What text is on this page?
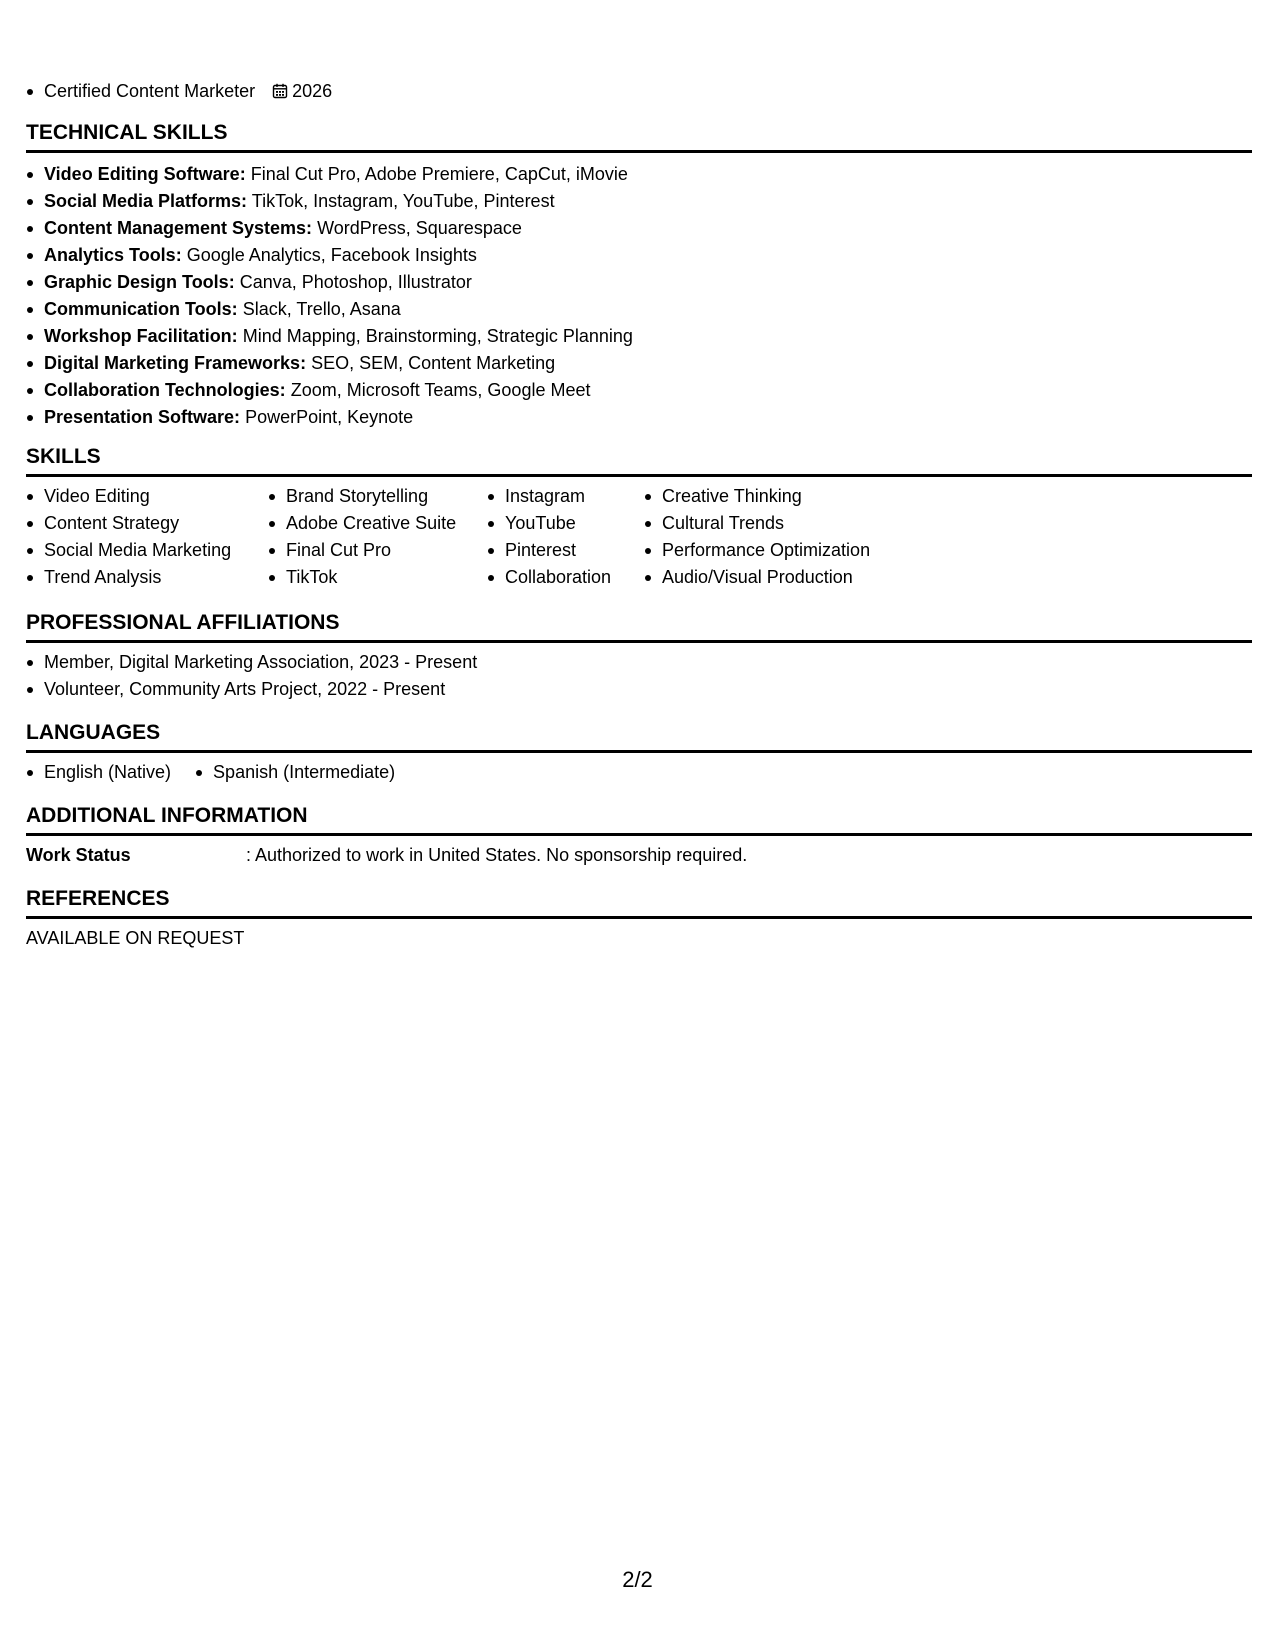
Certified Content Marketer 2026
TECHNICAL SKILLS
Video Editing Software: Final Cut Pro, Adobe Premiere, CapCut, iMovie
Social Media Platforms: TikTok, Instagram, YouTube, Pinterest
Content Management Systems: WordPress, Squarespace
Analytics Tools: Google Analytics, Facebook Insights
Graphic Design Tools: Canva, Photoshop, Illustrator
Communication Tools: Slack, Trello, Asana
Workshop Facilitation: Mind Mapping, Brainstorming, Strategic Planning
Digital Marketing Frameworks: SEO, SEM, Content Marketing
Collaboration Technologies: Zoom, Microsoft Teams, Google Meet
Presentation Software: PowerPoint, Keynote
SKILLS
Video Editing
Content Strategy
Social Media Marketing
Trend Analysis
Brand Storytelling
Adobe Creative Suite
Final Cut Pro
TikTok
Instagram
YouTube
Pinterest
Collaboration
Creative Thinking
Cultural Trends
Performance Optimization
Audio/Visual Production
PROFESSIONAL AFFILIATIONS
Member, Digital Marketing Association, 2023 - Present
Volunteer, Community Arts Project, 2022 - Present
LANGUAGES
English (Native)	Spanish (Intermediate)
ADDITIONAL INFORMATION
Work Status	: Authorized to work in United States. No sponsorship required.
REFERENCES
AVAILABLE ON REQUEST
2/2
